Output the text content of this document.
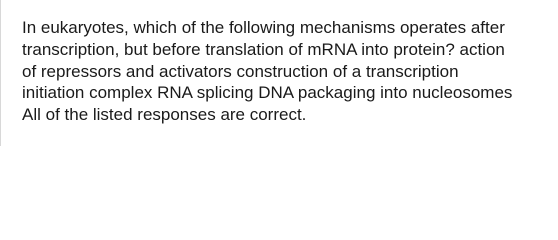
In eukaryotes, which of the following mechanisms operates after
transcription, but before translation of mRNA into protein? action
of repressors and activators construction of a transcription
initiation complex RNA splicing DNA packaging into nucleosomes
All of the listed responses are correct.
